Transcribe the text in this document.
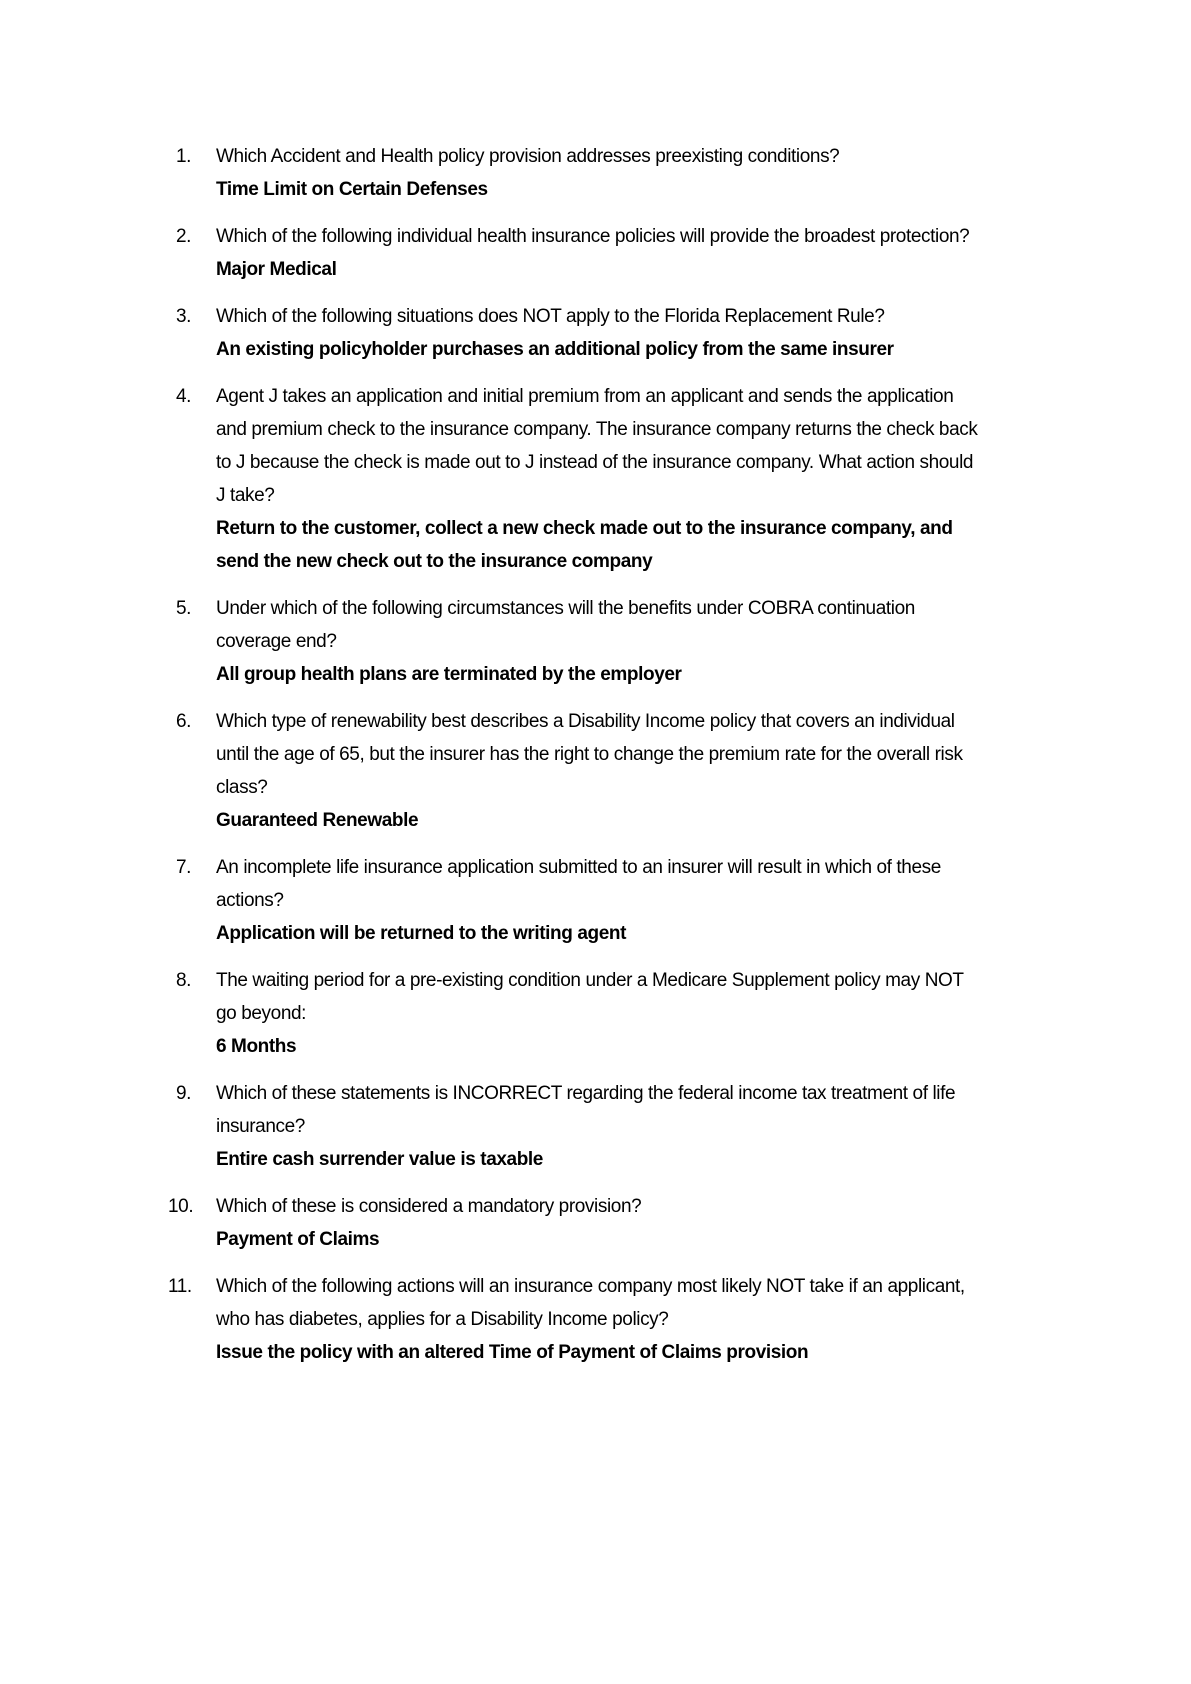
1.	Which Accident and Health policy provision addresses preexisting conditions?
Time Limit on Certain Defenses
2.	Which of the following individual health insurance policies will provide the broadest protection?
Major Medical
3.	Which of the following situations does NOT apply to the Florida Replacement Rule?
An existing policyholder purchases an additional policy from the same insurer
4.	Agent J takes an application and initial premium from an applicant and sends the application and premium check to the insurance company. The insurance company returns the check back to J because the check is made out to J instead of the insurance company. What action should J take?
Return to the customer, collect a new check made out to the insurance company, and send the new check out to the insurance company
5.	Under which of the following circumstances will the benefits under COBRA continuation coverage end?
All group health plans are terminated by the employer
6.	Which type of renewability best describes a Disability Income policy that covers an individual until the age of 65, but the insurer has the right to change the premium rate for the overall risk class?
Guaranteed Renewable
7.	An incomplete life insurance application submitted to an insurer will result in which of these actions?
Application will be returned to the writing agent
8.	The waiting period for a pre-existing condition under a Medicare Supplement policy may NOT go beyond:
6 Months
9.	Which of these statements is INCORRECT regarding the federal income tax treatment of life insurance?
Entire cash surrender value is taxable
10.	Which of these is considered a mandatory provision?
Payment of Claims
11.	Which of the following actions will an insurance company most likely NOT take if an applicant, who has diabetes, applies for a Disability Income policy?
Issue the policy with an altered Time of Payment of Claims provision
